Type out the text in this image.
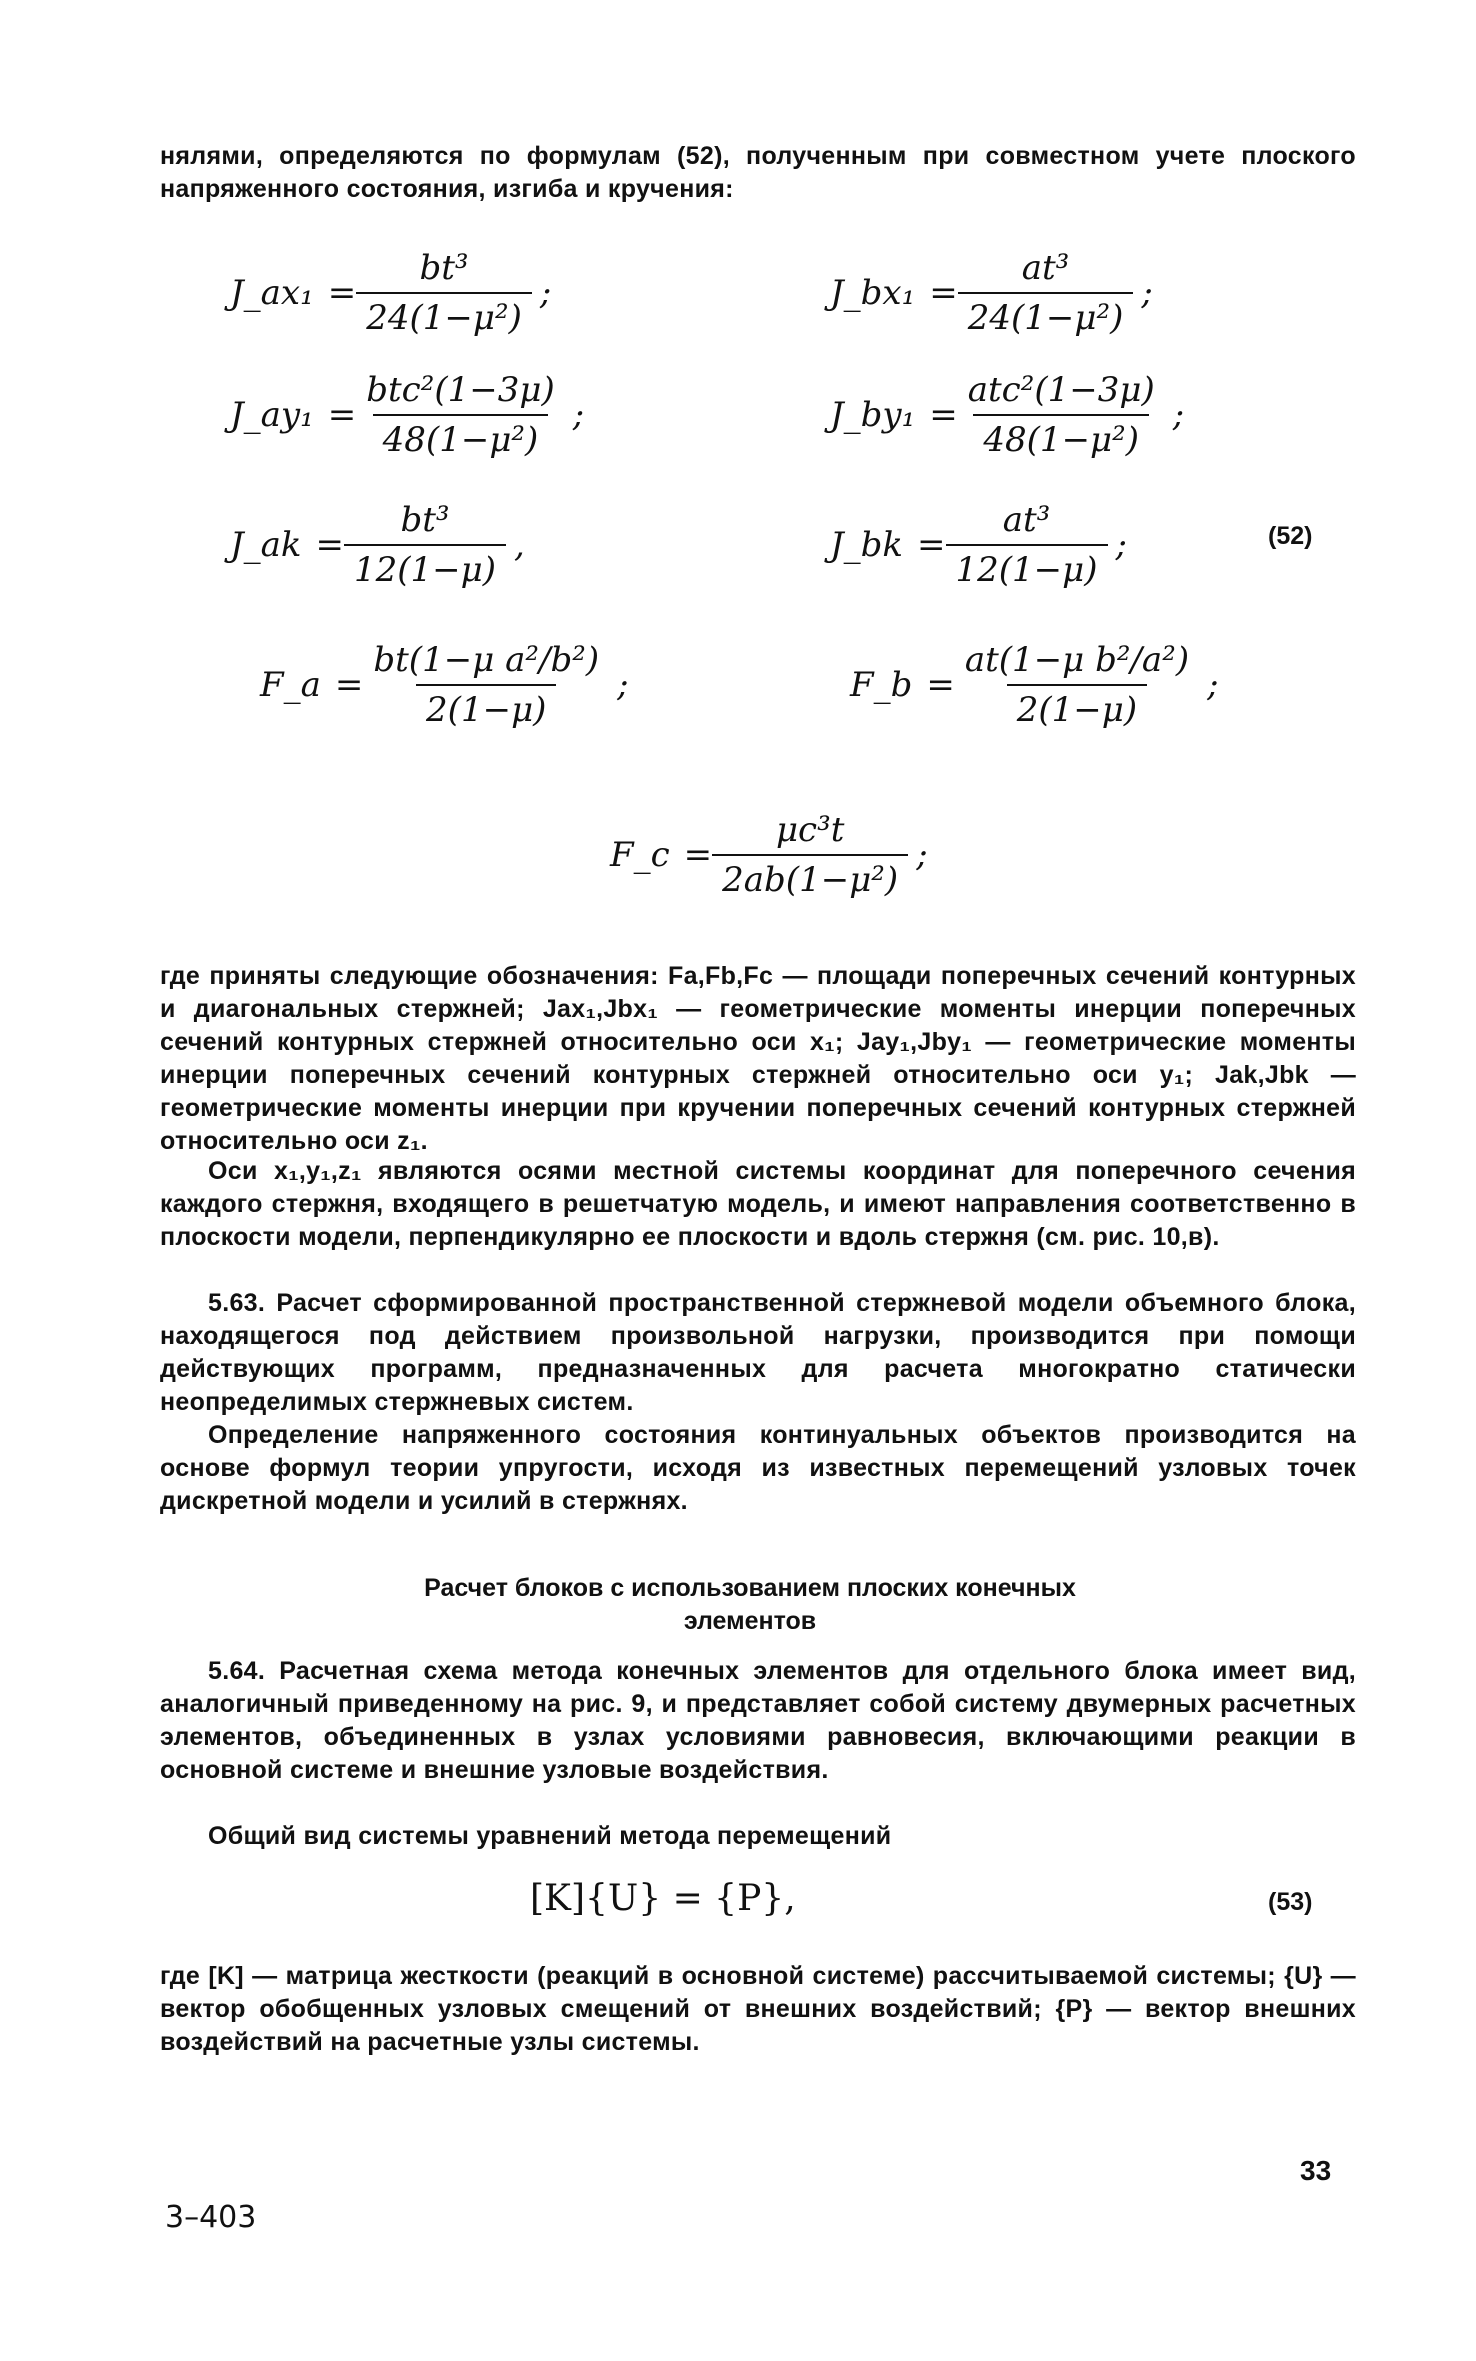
нялями, определяются по формулам (52), полученным при совместном учете плоского напряженного состояния, изгиба и кручения:
J_ax₁ = $\frac{\text{bt³}}{\text{24(1−μ²)}}$ ;	J_bx₁ = $\frac{\text{at³}}{\text{24(1−μ²)}}$ ;
J_ay₁ = $\frac{\text{btc²(1−3μ)}}{\text{48(1−μ²)}}$ ;	J_by₁ = $\frac{\text{atc²(1−3μ)}}{\text{48(1−μ²)}}$ ;
J_ak = $\frac{\text{bt³}}{12(1-\mu)}$ ,	J_bk = $\frac{\text{at³}}{12(1-\mu)}$ ;	(52)
F_a = $\frac{\text{bt(1−μ a²/b²)}}{2(1-\mu)}$ ;	F_b = $\frac{\text{at(1−μ b²/a²)}}{2(1-\mu)}$ ;
F_c = $\frac{\text{μc³t}}{\text{2ab(1−μ²)}}$ ;
где приняты следующие обозначения: Fa,Fb,Fc — площади поперечных сечений контурных и диагональных стержней; Jax₁,Jbx₁ — геометрические моменты инерции поперечных сечений контурных стержней относительно оси x₁; Jay₁,Jby₁ — геометрические моменты инерции поперечных сечений контурных стержней относительно оси y₁; Jak,Jbk — геометрические моменты инерции при кручении поперечных сечений контурных стержней относительно оси z₁.
Оси x₁,y₁,z₁ являются осями местной системы координат для поперечного сечения каждого стержня, входящего в решетчатую модель, и имеют направления соответственно в плоскости модели, перпендикулярно ее плоскости и вдоль стержня (см. рис. 10,в).
5.63. Расчет сформированной пространственной стержневой модели объемного блока, находящегося под действием произвольной нагрузки, производится при помощи действующих программ, предназначенных для расчета многократно статически неопределимых стержневых систем.
Определение напряженного состояния континуальных объектов производится на основе формул теории упругости, исходя из известных перемещений узловых точек дискретной модели и усилий в стержнях.
Расчет блоков с использованием плоских конечных элементов
5.64. Расчетная схема метода конечных элементов для отдельного блока имеет вид, аналогичный приведенному на рис. 9, и представляет собой систему двумерных расчетных элементов, объединенных в узлах условиями равновесия, включающими реакции в основной системе и внешние узловые воздействия.
Общий вид системы уравнений метода перемещений
[K]{U} = {P},	(53)
где [K] — матрица жесткости (реакций в основной системе) рассчитываемой системы; {U} — вектор обобщенных узловых смещений от внешних воздействий; {P} — вектор внешних воздействий на расчетные узлы системы.
33
3–403
